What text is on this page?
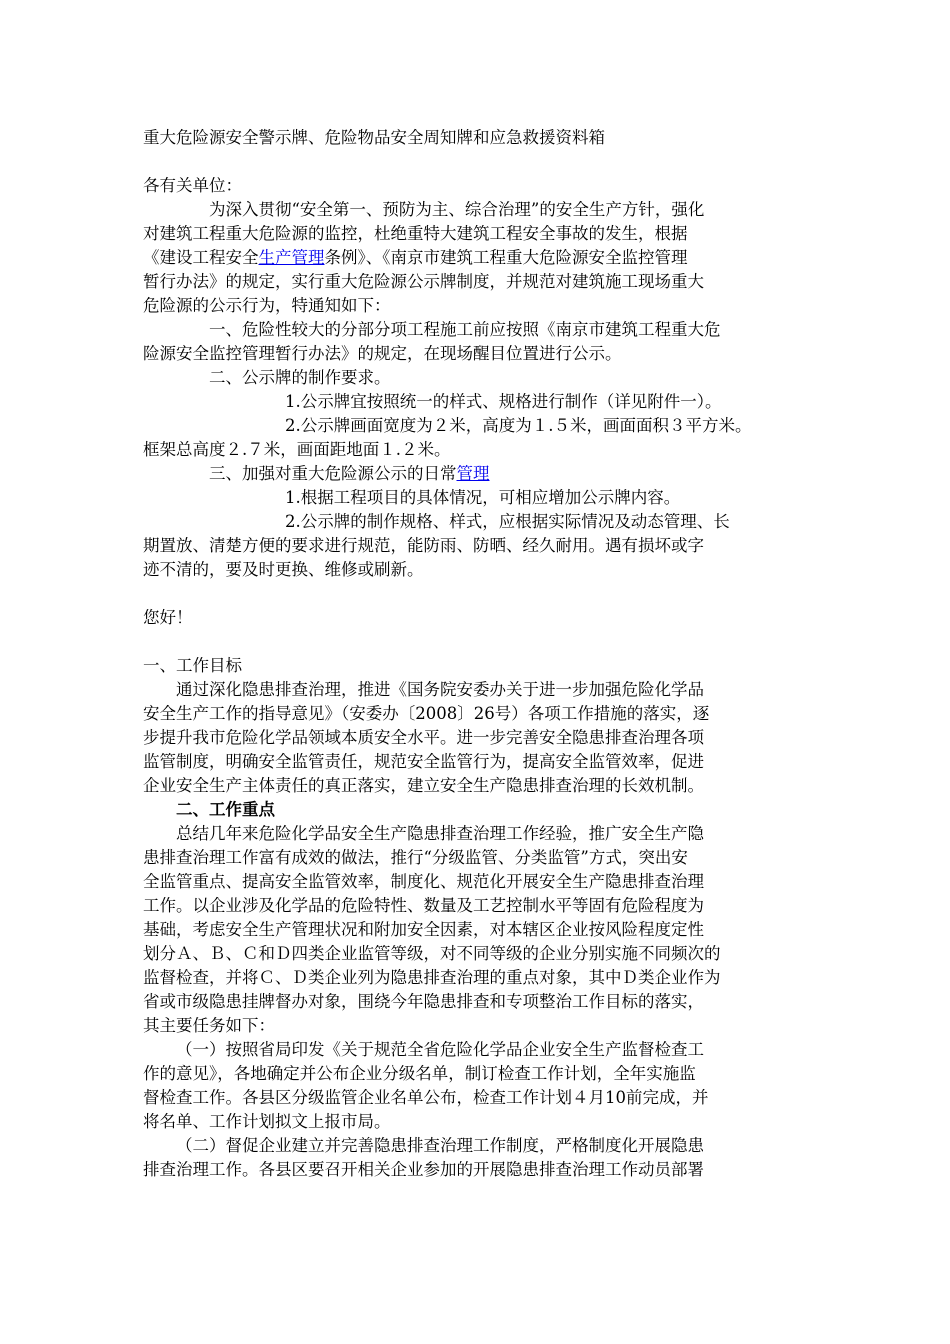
重大危险源安全警示牌、危险物品安全周知牌和应急救援资料箱
各有关单位：
为深入贯彻“安全第一、预防为主、综合治理”的安全生产方针，强化
对建筑工程重大危险源的监控，杜绝重特大建筑工程安全事故的发生，根据
《建设工程安全生产管理条例》、《南京市建筑工程重大危险源安全监控管理
暂行办法》的规定，实行重大危险源公示牌制度，并规范对建筑施工现场重大
危险源的公示行为，特通知如下：
一、危险性较大的分部分项工程施工前应按照《南京市建筑工程重大危
险源安全监控管理暂行办法》的规定，在现场醒目位置进行公示。
二、公示牌的制作要求。
1.公示牌宜按照统一的样式、规格进行制作（详见附件一）。
2.公示牌画面宽度为２米，高度为１.５米，画面面积３平方米。
框架总高度２.７米，画面距地面１.２米。
三、加强对重大危险源公示的日常管理
1.根据工程项目的具体情况，可相应增加公示牌内容。
2.公示牌的制作规格、样式，应根据实际情况及动态管理、长
期置放、清楚方便的要求进行规范，能防雨、防晒、经久耐用。遇有损坏或字
迹不清的，要及时更换、维修或刷新。
您好！
一、工作目标
通过深化隐患排查治理，推进《国务院安委办关于进一步加强危险化学品
安全生产工作的指导意见》（安委办〔2008〕26号）各项工作措施的落实，逐
步提升我市危险化学品领域本质安全水平。进一步完善安全隐患排查治理各项
监管制度，明确安全监管责任，规范安全监管行为，提高安全监管效率，促进
企业安全生产主体责任的真正落实，建立安全生产隐患排查治理的长效机制。
二、工作重点
总结几年来危险化学品安全生产隐患排查治理工作经验，推广安全生产隐
患排查治理工作富有成效的做法，推行“分级监管、分类监管”方式，突出安
全监管重点、提高安全监管效率，制度化、规范化开展安全生产隐患排查治理
工作。以企业涉及化学品的危险特性、数量及工艺控制水平等固有危险程度为
基础，考虑安全生产管理状况和附加安全因素，对本辖区企业按风险程度定性
划分Ａ、Ｂ、Ｃ和Ｄ四类企业监管等级，对不同等级的企业分别实施不同频次的
监督检查，并将Ｃ、Ｄ类企业列为隐患排查治理的重点对象，其中Ｄ类企业作为
省或市级隐患挂牌督办对象，围绕今年隐患排查和专项整治工作目标的落实，
其主要任务如下：
（一）按照省局印发《关于规范全省危险化学品企业安全生产监督检查工
作的意见》，各地确定并公布企业分级名单，制订检查工作计划，全年实施监
督检查工作。各县区分级监管企业名单公布，检查工作计划４月10前完成，并
将名单、工作计划拟文上报市局。
（二）督促企业建立并完善隐患排查治理工作制度，严格制度化开展隐患
排查治理工作。各县区要召开相关企业参加的开展隐患排查治理工作动员部署
